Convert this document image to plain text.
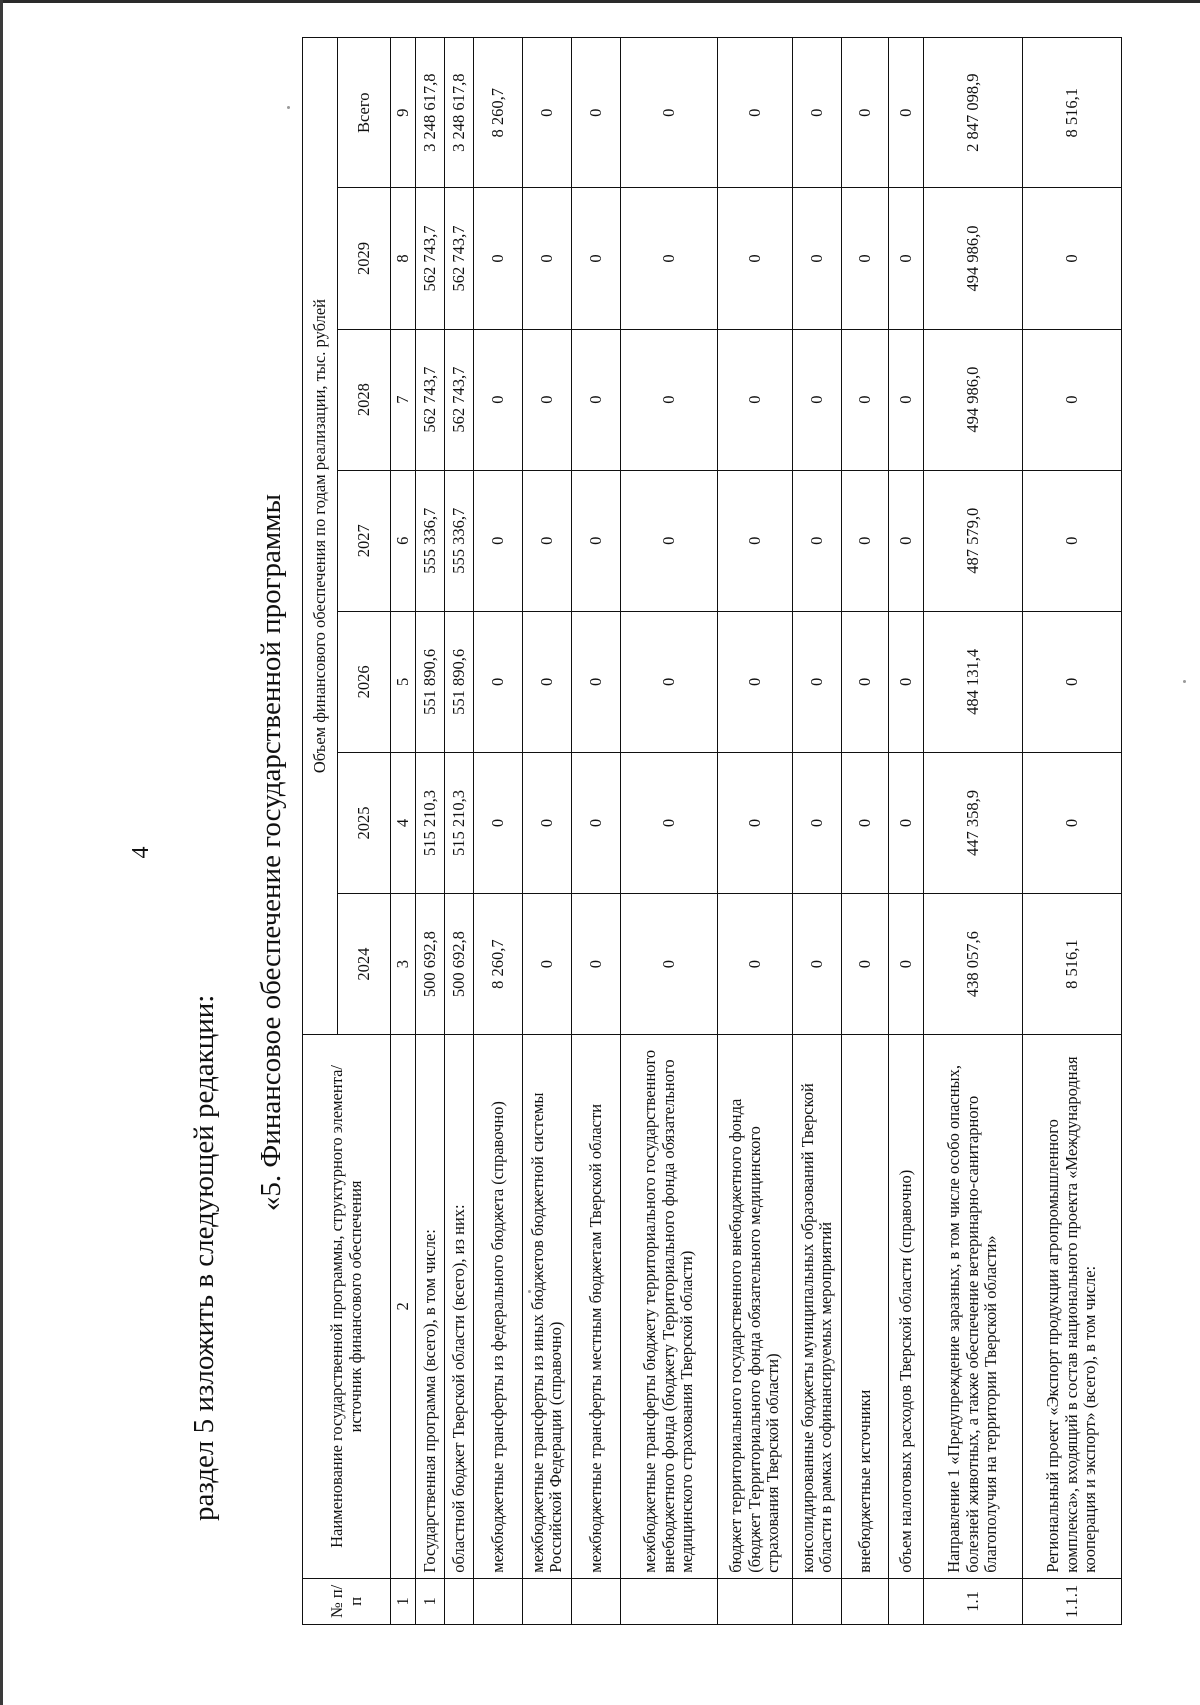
4
раздел 5 изложить в следующей редакции:
«5. Финансовое обеспечение государственной программы
№ п/п	Наименование государственной программы, структурного элемента/источник финансового обеспечения	Объем финансового обеспечения по годам реализации, тыс. рублей						
		2024	2025	2026	2027	2028	2029	Всего
1	2	3	4	5	6	7	8	9
1	Государственная программа (всего), в том числе:	500 692,8	515 210,3	551 890,6	555 336,7	562 743,7	562 743,7	3 248 617,8
	областной бюджет Тверской области (всего), из них:	500 692,8	515 210,3	551 890,6	555 336,7	562 743,7	562 743,7	3 248 617,8
	межбюджетные трансферты из федерального бюджета (справочно)	8 260,7	0	0	0	0	0	8 260,7
	межбюджетные трансферты из иных бюджетов бюджетной системы Российской Федерации (справочно)	0	0	0	0	0	0	0
	межбюджетные трансферты местным бюджетам Тверской области	0	0	0	0	0	0	0
	межбюджетные трансферты бюджету территориального государственного внебюджетного фонда (бюджету Территориального фонда обязательного медицинского страхования Тверской области)	0	0	0	0	0	0	0
	бюджет территориального государственного внебюджетного фонда (бюджет Территориального фонда обязательного медицинского страхования Тверской области)	0	0	0	0	0	0	0
	консолидированные бюджеты муниципальных образований Тверской области в рамках софинансируемых мероприятий	0	0	0	0	0	0	0
	внебюджетные источники	0	0	0	0	0	0	0
	объем налоговых расходов Тверской области (справочно)	0	0	0	0	0	0	0
1.1	Направление 1 «Предупреждение заразных, в том числе особо опасных, болезней животных, а также обеспечение ветеринарно-санитарного благополучия на территории Тверской области»	438 057,6	447 358,9	484 131,4	487 579,0	494 986,0	494 986,0	2 847 098,9
1.1.1	Региональный проект «Экспорт продукции агропромышленного комплекса», входящий в состав национального проекта «Международная кооперация и экспорт» (всего), в том числе:	8 516,1	0	0	0	0	0	8 516,1
